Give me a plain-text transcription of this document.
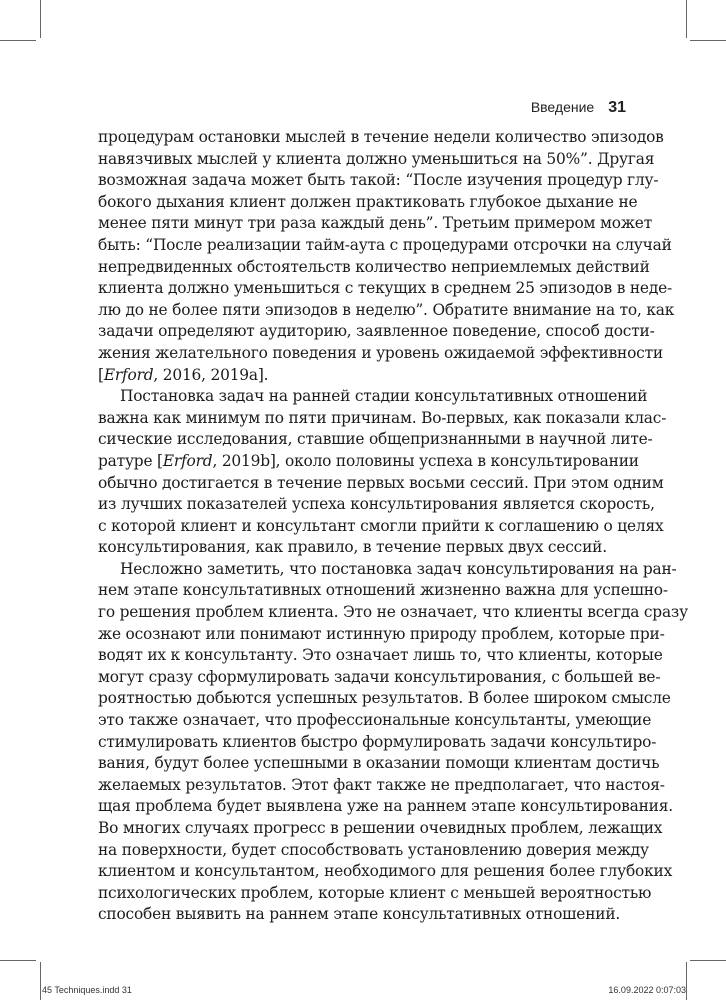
Введение 31
процедурам остановки мыслей в течение недели количество эпизодов
навязчивых мыслей у клиента должно уменьшиться на 50%”. Другая
возможная задача может быть такой: “После изучения процедур глу-
бокого дыхания клиент должен практиковать глубокое дыхание не
менее пяти минут три раза каждый день”. Третьим примером может
быть: “После реализации тайм-аута с процедурами отсрочки на случай
непредвиденных обстоятельств количество неприемлемых действий
клиента должно уменьшиться с текущих в среднем 25 эпизодов в неде-
лю до не более пяти эпизодов в неделю”. Обратите внимание на то, как
задачи определяют аудиторию, заявленное поведение, способ дости-
жения желательного поведения и уровень ожидаемой эффективности
[Erford, 2016, 2019a].
Постановка задач на ранней стадии консультативных отношений
важна как минимум по пяти причинам. Во-первых, как показали клас-
сические исследования, ставшие общепризнанными в научной лите-
ратуре [Erford, 2019b], около половины успеха в консультировании
обычно достигается в течение первых восьми сессий. При этом одним
из лучших показателей успеха консультирования является скорость,
с которой клиент и консультант смогли прийти к соглашению о целях
консультирования, как правило, в течение первых двух сессий.
Несложно заметить, что постановка задач консультирования на ран-
нем этапе консультативных отношений жизненно важна для успешно-
го решения проблем клиента. Это не означает, что клиенты всегда сразу
же осознают или понимают истинную природу проблем, которые при-
водят их к консультанту. Это означает лишь то, что клиенты, которые
могут сразу сформулировать задачи консультирования, с большей ве-
роятностью добьются успешных результатов. В более широком смысле
это также означает, что профессиональные консультанты, умеющие
стимулировать клиентов быстро формулировать задачи консультиро-
вания, будут более успешными в оказании помощи клиентам достичь
желаемых результатов. Этот факт также не предполагает, что настоя-
щая проблема будет выявлена уже на раннем этапе консультирования.
Во многих случаях прогресс в решении очевидных проблем, лежащих
на поверхности, будет способствовать установлению доверия между
клиентом и консультантом, необходимого для решения более глубоких
психологических проблем, которые клиент с меньшей вероятностью
способен выявить на раннем этапе консультативных отношений.
45 Techniques.indd 31	16.09.2022 0:07:03
